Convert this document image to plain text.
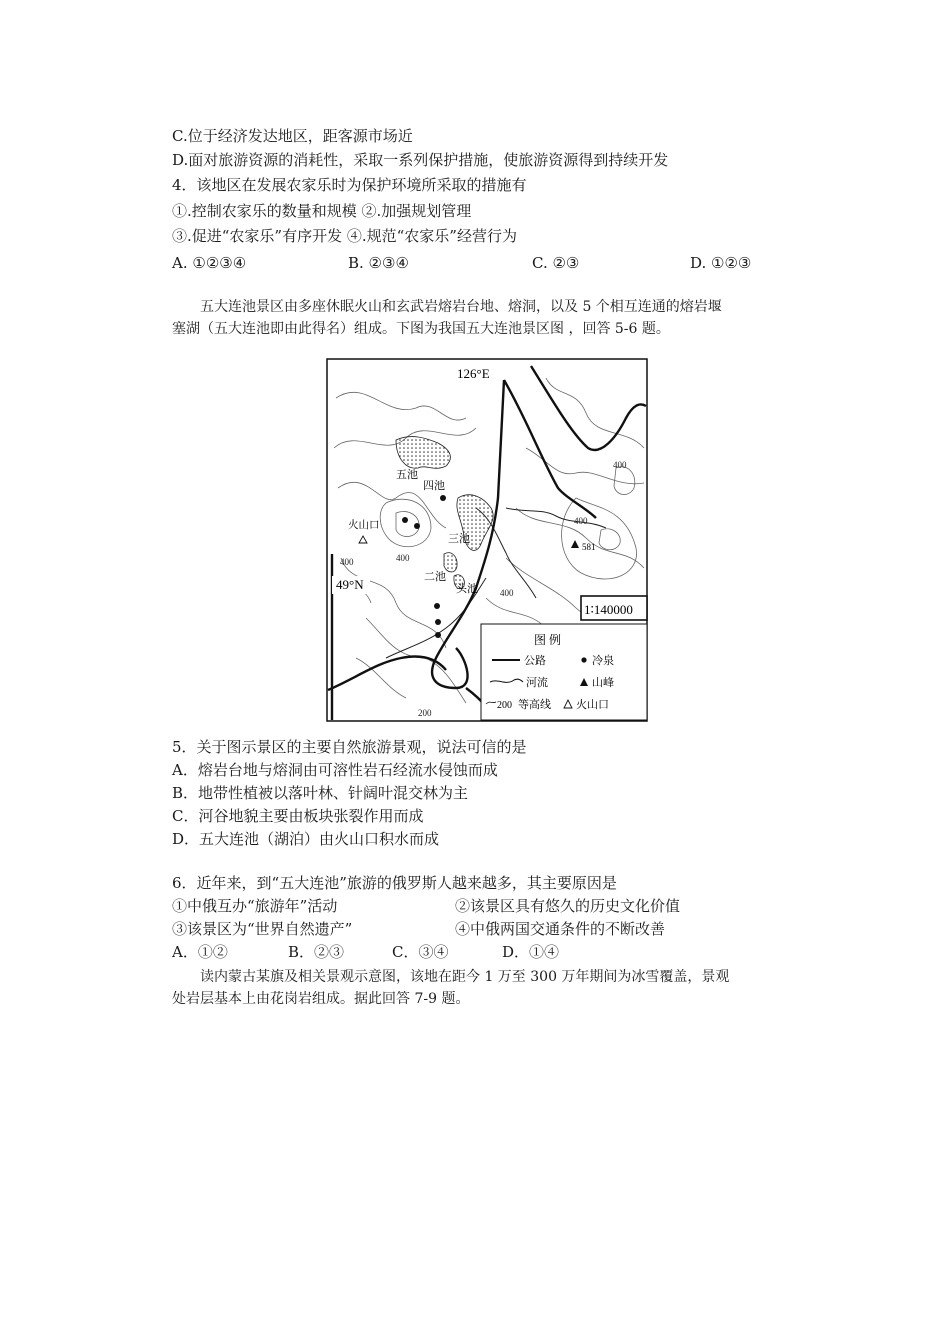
C.位于经济发达地区，距客源市场近
D.面对旅游资源的消耗性，采取一系列保护措施，使旅游资源得到持续开发
4．该地区在发展农家乐时为保护环境所采取的措施有
①.控制农家乐的数量和规模 ②.加强规划管理
③.促进“农家乐”有序开发 ④.规范“农家乐”经营行为
A. ①②③④	B. ②③④	C. ②③	D. ①②③
五大连池景区由多座休眠火山和玄武岩熔岩台地、熔洞，以及 5 个相互连通的熔岩堰
塞湖（五大连池即由此得名）组成。下图为我国五大连池景区图 ，回答 5-6 题。
581
火山口
126°E
49°N
五池
四池
三池
二池
头池
400
400
400
400
400
200
1∶140000
图 例
公路	冷泉
河流	山峰
200 等高线 火山口
5．关于图示景区的主要自然旅游景观，说法可信的是
A．熔岩台地与熔洞由可溶性岩石经流水侵蚀而成
B．地带性植被以落叶林、针阔叶混交林为主
C．河谷地貌主要由板块张裂作用而成
D．五大连池（湖泊）由火山口积水而成
6．近年来，到“五大连池”旅游的俄罗斯人越来越多，其主要原因是
①中俄互办“旅游年”活动	②该景区具有悠久的历史文化价值
③该景区为“世界自然遗产”	④中俄两国交通条件的不断改善
A．①②	B．②③	C．③④	D．①④
读内蒙古某旗及相关景观示意图，该地在距今 1 万至 300 万年期间为冰雪覆盖，景观
处岩层基本上由花岗岩组成。据此回答 7-9 题。
